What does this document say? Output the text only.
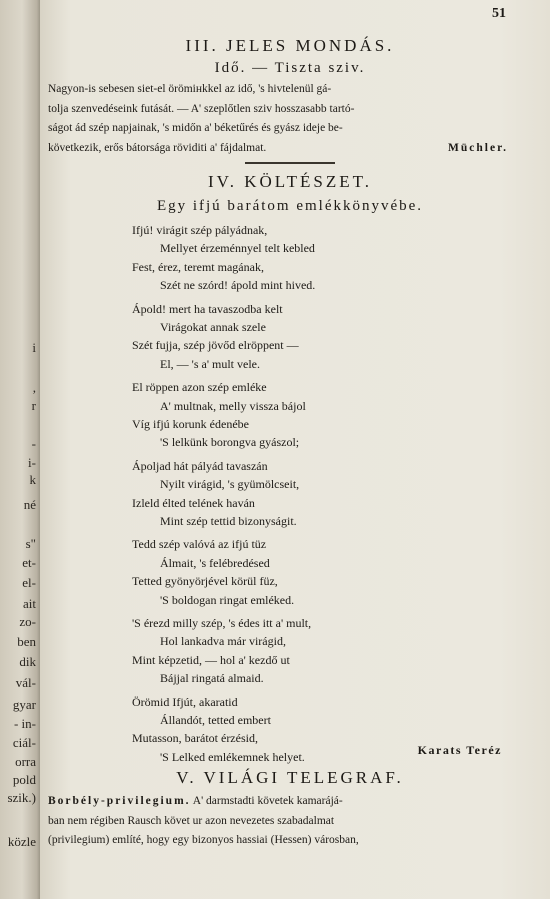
i
,
r
-
i-
k
né
s"
et-
el-
ait
zo-
ben
dik
vál-
gyar
- in-
ciál-
orra
pold
szik.)
közle
51
III. JELES MONDÁS.
Idő. — Tiszta sziv.
Nagyon-is sebesen siet-el örömінkkel az idő, 's hivtelenül gá-
tolja szenvedéseink futását. — A' szeplőtlen sziv hosszasabb tartó-
ságot ád szép napjainak, 's midőn a' béketűrés és gyász ideje be-
következik, erős bátorsága röviditi a' fájdalmat.	Müchler.
IV. KÖLTÉSZET.
Egy ifjú barátom emlékkönyvébe.
Ifjú! virágit szép pályádnak,
Mellyet érzeménnyel telt kebled
Fest, érez, teremt magának,
Szét ne szórd! ápold mint hived.
Ápold! mert ha tavaszodba kelt
Virágokat annak szele
Szét fujja, szép jövőd elröppent —
El, — 's a' mult vele.
El röppen azon szép emléke
A' multnak, melly vissza bájol
Víg ifjú korunk édenébe
'S lelkünk borongva gyászol;
Ápoljad hát pályád tavaszán
Nyilt virágid, 's gyümölcseit,
Izleld élted telének haván
Mint szép tettid bizonyságit.
Tedd szép valóvá az ifjú tüz
Álmait, 's felébredésed
Tetted gyönyörjével körül füz,
'S boldogan ringat emléked.
'S érezd milly szép, 's édes itt a' mult,
Hol lankadva már virágid,
Mint képzetid, — hol a' kezdő ut
Bájjal ringatá almaid.
Örömid Ifjút, akaratid
Állandót, tetted embert
Mutasson, barátot érzésid,
'S Lelked emlékemnek helyet.	Karats Teréz
V. VILÁGI TELEGRAF.
Borbély-privilegium. A' darmstadti követek kamarájá-
ban nem régiben Rausch követ ur azon nevezetes szabadalmat
(privilegium) említé, hogy egy bizonyos hassiai (Hessen) városban,
